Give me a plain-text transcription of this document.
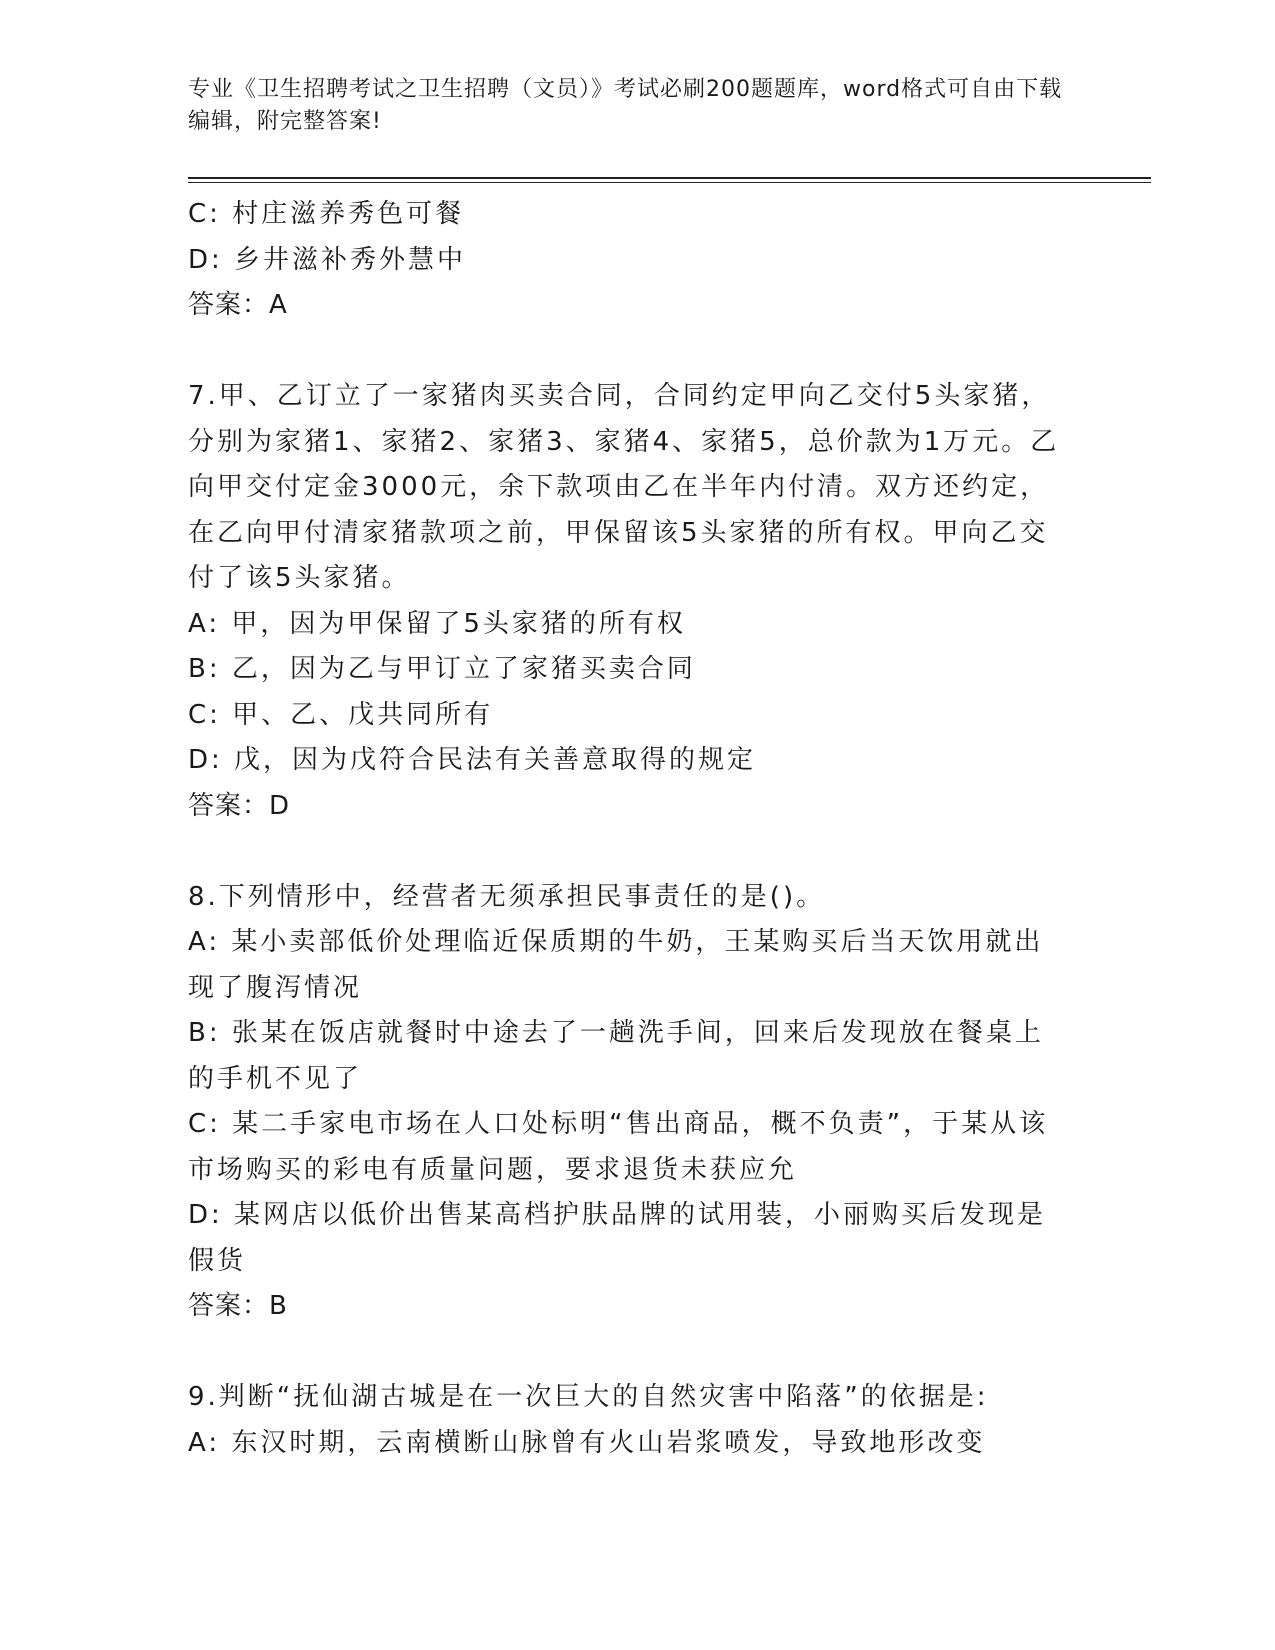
专业《卫生招聘考试之卫生招聘（文员）》考试必刷200题题库，word格式可自由下载编辑，附完整答案!
C: 村庄滋养秀色可餐
D: 乡井滋补秀外慧中
答案：A
7.甲、乙订立了一家猪肉买卖合同，合同约定甲向乙交付5头家猪，分别为家猪1、家猪2、家猪3、家猪4、家猪5，总价款为1万元。乙向甲交付定金3000元，余下款项由乙在半年内付清。双方还约定，在乙向甲付清家猪款项之前，甲保留该5头家猪的所有权。甲向乙交付了该5头家猪。
A: 甲，因为甲保留了5头家猪的所有权
B: 乙，因为乙与甲订立了家猪买卖合同
C: 甲、乙、戊共同所有
D: 戊，因为戊符合民法有关善意取得的规定
答案：D
8.下列情形中，经营者无须承担民事责任的是()。
A: 某小卖部低价处理临近保质期的牛奶，王某购买后当天饮用就出现了腹泻情况
B: 张某在饭店就餐时中途去了一趟洗手间，回来后发现放在餐桌上的手机不见了
C: 某二手家电市场在人口处标明“售出商品，概不负责”，于某从该市场购买的彩电有质量问题，要求退货未获应允
D: 某网店以低价出售某高档护肤品牌的试用装，小丽购买后发现是假货
答案：B
9.判断“抚仙湖古城是在一次巨大的自然灾害中陷落”的依据是:
A: 东汉时期，云南横断山脉曾有火山岩浆喷发，导致地形改变
